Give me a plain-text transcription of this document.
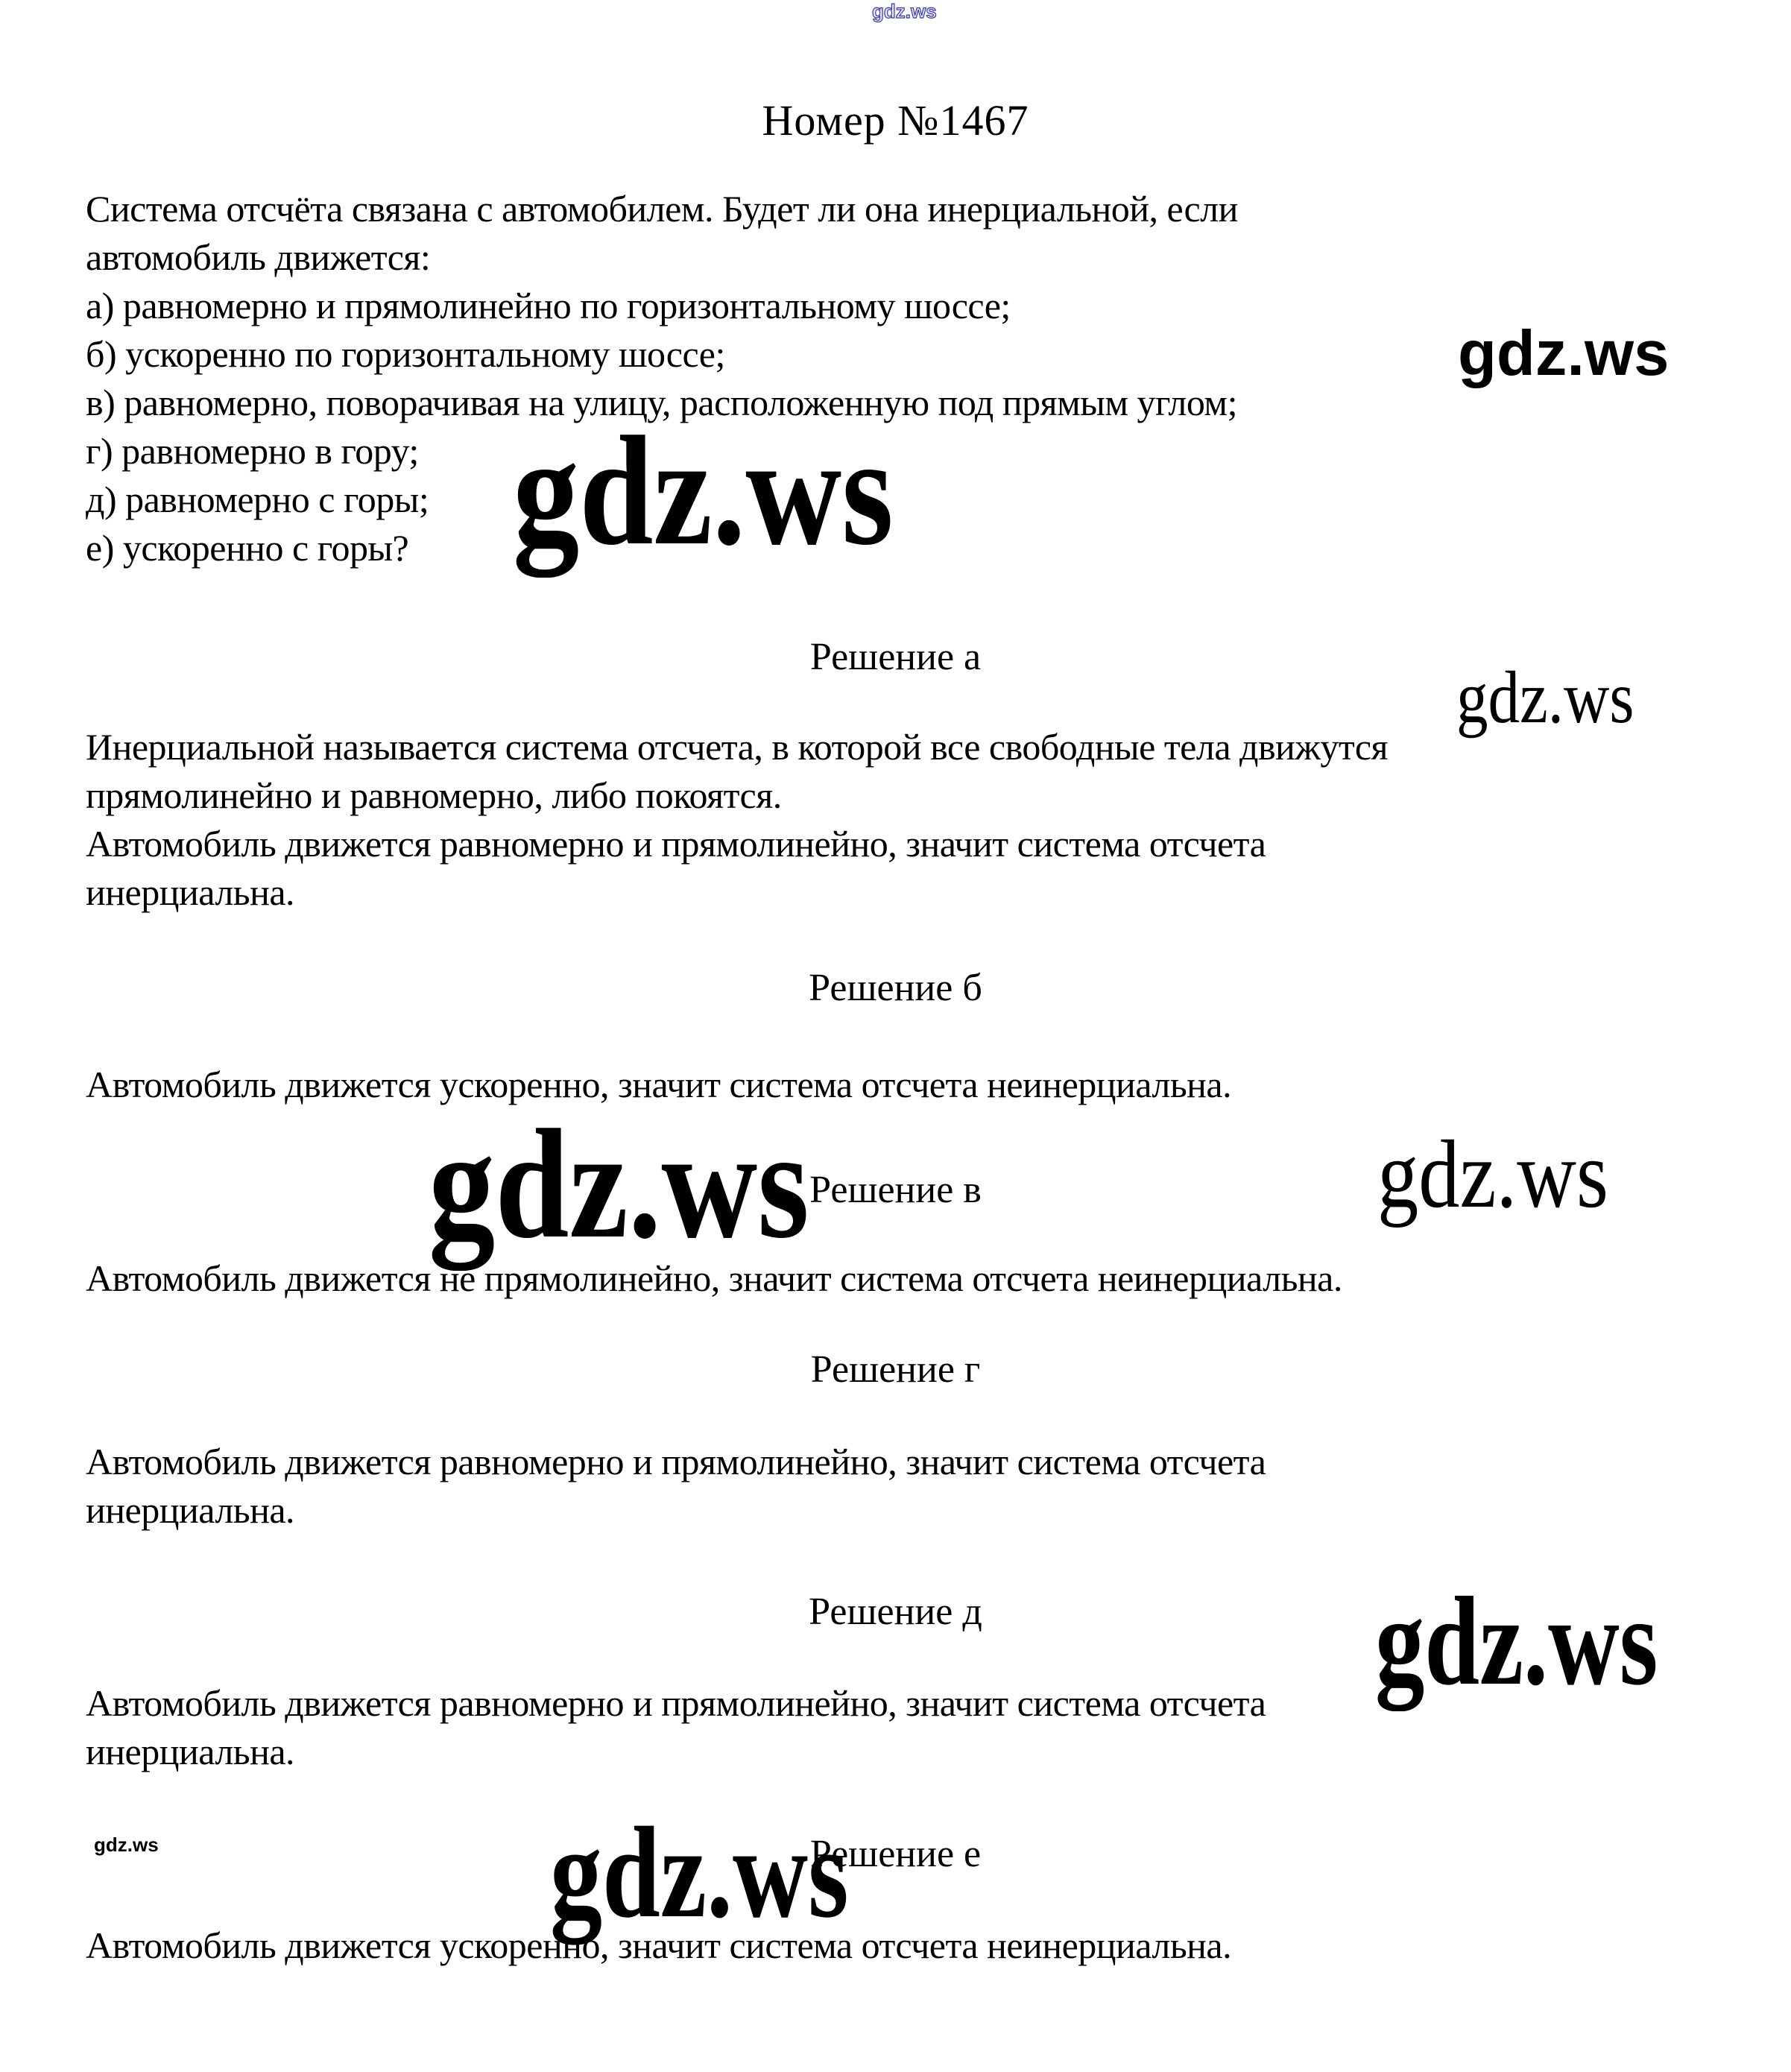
gdz.ws
gdz.ws
gdz.ws
gdz.ws
gdz.ws	gdz.ws
gdz.ws
gdz.ws
gdz.ws
Номер №1467
Система отсчёта связана с автомобилем. Будет ли она инерциальной, если
автомобиль движется:
а) равномерно и прямолинейно по горизонтальному шоссе;
б) ускоренно по горизонтальному шоссе;
в) равномерно, поворачивая на улицу, расположенную под прямым углом;
г) равномерно в гору;
д) равномерно с горы;
е) ускоренно с горы?
Решение а
Инерциальной называется система отсчета, в которой все свободные тела движутся
прямолинейно и равномерно, либо покоятся.
Автомобиль движется равномерно и прямолинейно, значит система отсчета
инерциальна.
Решение б
Автомобиль движется ускоренно, значит система отсчета неинерциальна.
Решение в
Автомобиль движется не прямолинейно, значит система отсчета неинерциальна.
Решение г
Автомобиль движется равномерно и прямолинейно, значит система отсчета
инерциальна.
Решение д
Автомобиль движется равномерно и прямолинейно, значит система отсчета
инерциальна.
Решение е
Автомобиль движется ускоренно, значит система отсчета неинерциальна.
